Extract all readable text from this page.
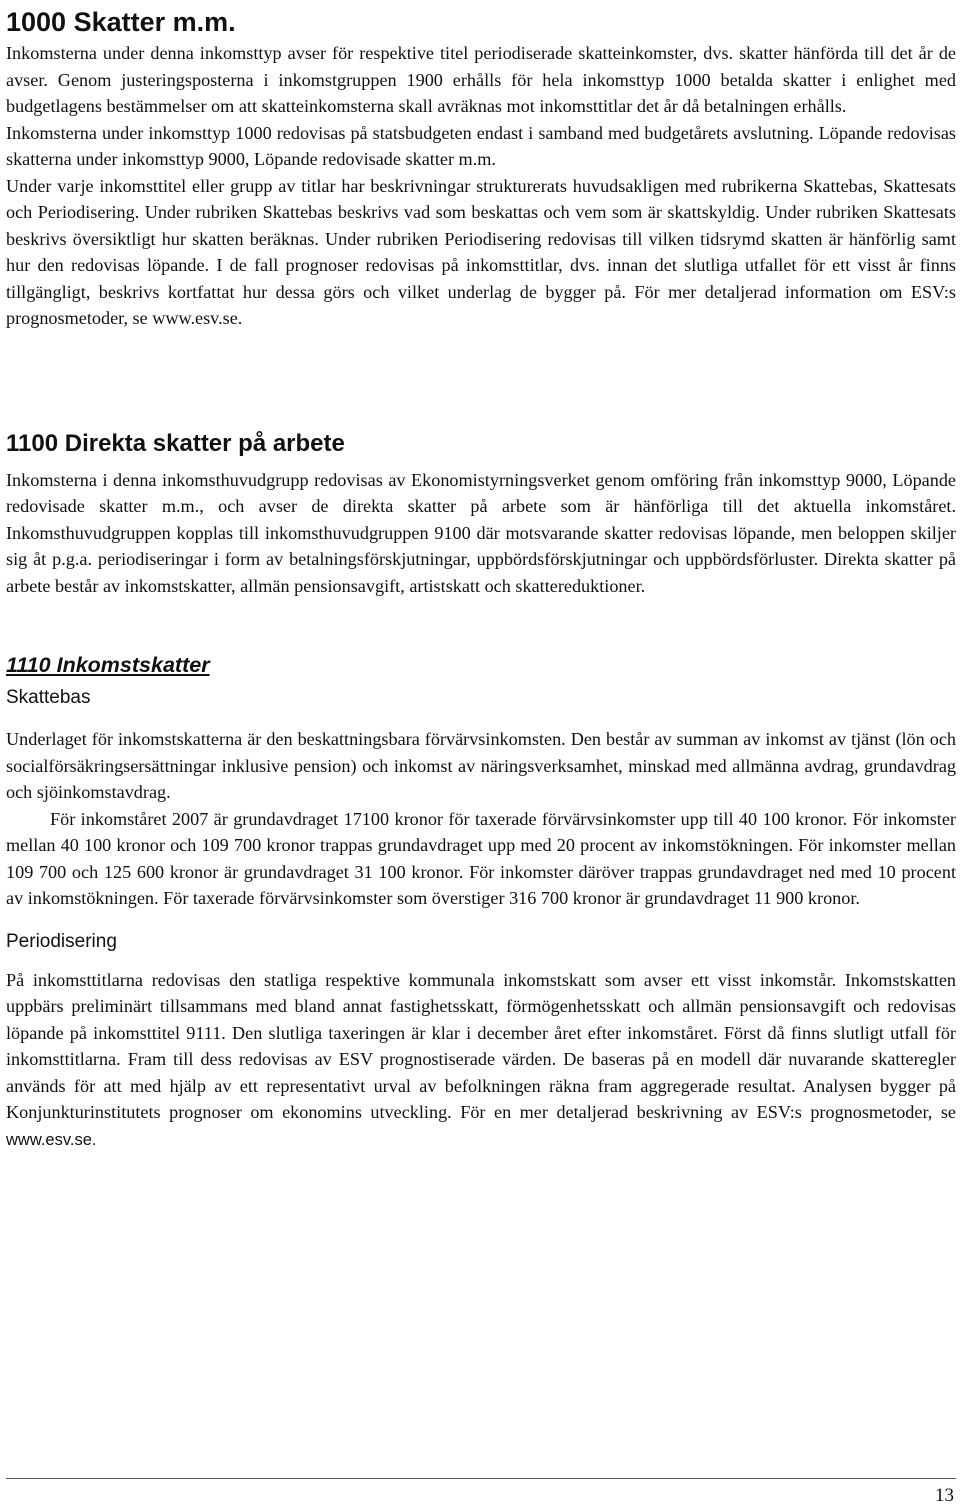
1000 Skatter m.m.

Inkomsterna under denna inkomsttyp avser för respektive titel periodiserade skatteinkomster, dvs. skatter hänförda till det år de avser. Genom justeringsposterna i inkomstgruppen 1900 erhålls för hela inkomsttyp 1000 betalda skatter i enlighet med budgetlagens bestämmelser om att skatteinkomsterna skall avräknas mot inkomsttitlar det år då betalningen erhålls.

Inkomsterna under inkomsttyp 1000 redovisas på statsbudgeten endast i samband med budgetårets avslutning. Löpande redovisas skatterna under inkomsttyp 9000, Löpande redovisade skatter m.m.

Under varje inkomsttitel eller grupp av titlar har beskrivningar strukturerats huvudsakligen med rubrikerna Skattebas, Skattesats och Periodisering. Under rubriken Skattebas beskrivs vad som beskattas och vem som är skattskyldig. Under rubriken Skattesats beskrivs översiktligt hur skatten beräknas. Under rubriken Periodisering redovisas till vilken tidsrymd skatten är hänförlig samt hur den redovisas löpande. I de fall prognoser redovisas på inkomsttitlar, dvs. innan det slutliga utfallet för ett visst år finns tillgängligt, beskrivs kortfattat hur dessa görs och vilket underlag de bygger på. För mer detaljerad information om ESV:s prognosmetoder, se www.esv.se.

1100 Direkta skatter på arbete

Inkomsterna i denna inkomsthuvudgrupp redovisas av Ekonomistyrningsverket genom omföring från inkomsttyp 9000, Löpande redovisade skatter m.m., och avser de direkta skatter på arbete som är hänförliga till det aktuella inkomståret. Inkomsthuvudgruppen kopplas till inkomsthuvudgruppen 9100 där motsvarande skatter redovisas löpande, men beloppen skiljer sig åt p.g.a. periodiseringar i form av betalningsförskjutningar, uppbördsförskjutningar och uppbördsförluster. Direkta skatter på arbete består av inkomstskatter, allmän pensionsavgift, artistskatt och skattereduktioner.

1110 Inkomstskatter
Skattebas

Underlaget för inkomstskatterna är den beskattningsbara förvärvsinkomsten. Den består av summan av inkomst av tjänst (lön och socialförsäkringsersättningar inklusive pension) och inkomst av näringsverksamhet, minskad med allmänna avdrag, grundavdrag och sjöinkomstavdrag.

För inkomståret 2007 är grundavdraget 17100 kronor för taxerade förvärvsinkomster upp till 40 100 kronor. För inkomster mellan 40 100 kronor och 109 700 kronor trappas grundavdraget upp med 20 procent av inkomstökningen. För inkomster mellan 109 700 och 125 600 kronor är grundavdraget 31 100 kronor. För inkomster däröver trappas grundavdraget ned med 10 procent av inkomstökningen. För taxerade förvärvsinkomster som överstiger 316 700 kronor är grundavdraget 11 900 kronor.

Periodisering

På inkomsttitlarna redovisas den statliga respektive kommunala inkomstskatt som avser ett visst inkomstår. Inkomstskatten uppbärs preliminärt tillsammans med bland annat fastighetsskatt, förmögenhetsskatt och allmän pensionsavgift och redovisas löpande på inkomsttitel 9111. Den slutliga taxeringen är klar i december året efter inkomståret. Först då finns slutligt utfall för inkomsttitlarna. Fram till dess redovisas av ESV prognostiserade värden. De baseras på en modell där nuvarande skatteregler används för att med hjälp av ett representativt urval av befolkningen räkna fram aggregerade resultat. Analysen bygger på Konjunkturinstitutets prognoser om ekonomins utveckling. För en mer detaljerad beskrivning av ESV:s prognosmetoder, se www.esv.se.

13
